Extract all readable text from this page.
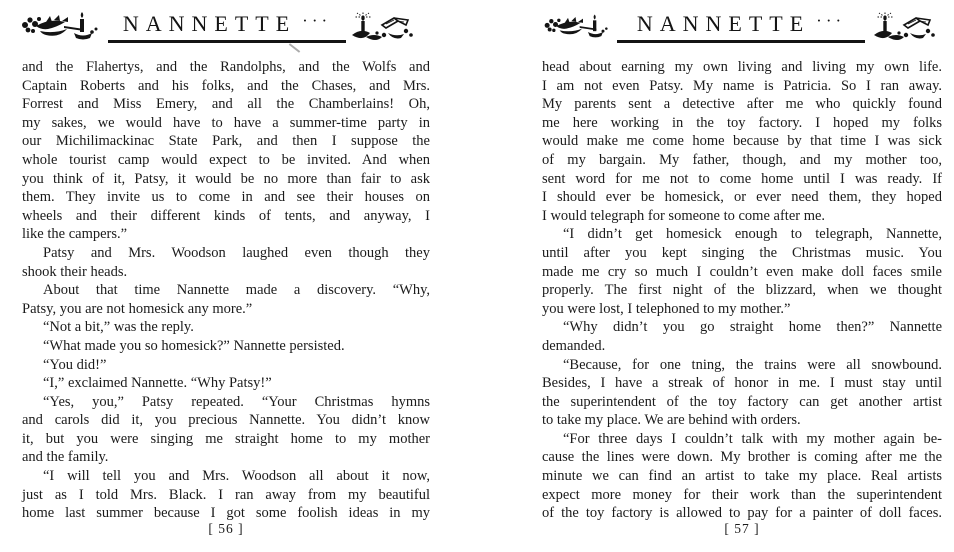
NANNETTE ···
and the Flahertys, and the Randolphs, and the Wolfs and
Captain Roberts and his folks, and the Chases, and Mrs.
Forrest and Miss Emery, and all the Chamberlains! Oh,
my sakes, we would have to have a summer-time party in
our Michilimackinac State Park, and then I suppose the
whole tourist camp would expect to be invited. And when
you think of it, Patsy, it would be no more than fair to ask
them. They invite us to come in and see their houses on
wheels and their different kinds of tents, and anyway, I
like the campers.”
Patsy and Mrs. Woodson laughed even though they
shook their heads.
About that time Nannette made a discovery. “Why,
Patsy, you are not homesick any more.”
“Not a bit,” was the reply.
“What made you so homesick?” Nannette persisted.
“You did!”
“I,” exclaimed Nannette. “Why Patsy!”
“Yes, you,” Patsy repeated. “Your Christmas hymns
and carols did it, you precious Nannette. You didn’t know
it, but you were singing me straight home to my mother
and the family.
“I will tell you and Mrs. Woodson all about it now,
just as I told Mrs. Black. I ran away from my beautiful
home last summer because I got some foolish ideas in my
[ 56 ]
NANNETTE ···
head about earning my own living and living my own life.
I am not even Patsy. My name is Patricia. So I ran away.
My parents sent a detective after me who quickly found
me here working in the toy factory. I hoped my folks
would make me come home because by that time I was sick
of my bargain. My father, though, and my mother too,
sent word for me not to come home until I was ready. If
I should ever be homesick, or ever need them, they hoped
I would telegraph for someone to come after me.
“I didn’t get homesick enough to telegraph, Nannette,
until after you kept singing the Christmas music. You
made me cry so much I couldn’t even make doll faces smile
properly. The first night of the blizzard, when we thought
you were lost, I telephoned to my mother.”
“Why didn’t you go straight home then?” Nannette
demanded.
“Because, for one tning, the trains were all snowbound.
Besides, I have a streak of honor in me. I must stay until
the superintendent of the toy factory can get another artist
to take my place. We are behind with orders.
“For three days I couldn’t talk with my mother again be-
cause the lines were down. My brother is coming after me the
minute we can find an artist to take my place. Real artists
expect more money for their work than the superintendent
of the toy factory is allowed to pay for a painter of doll faces.
[ 57 ]
